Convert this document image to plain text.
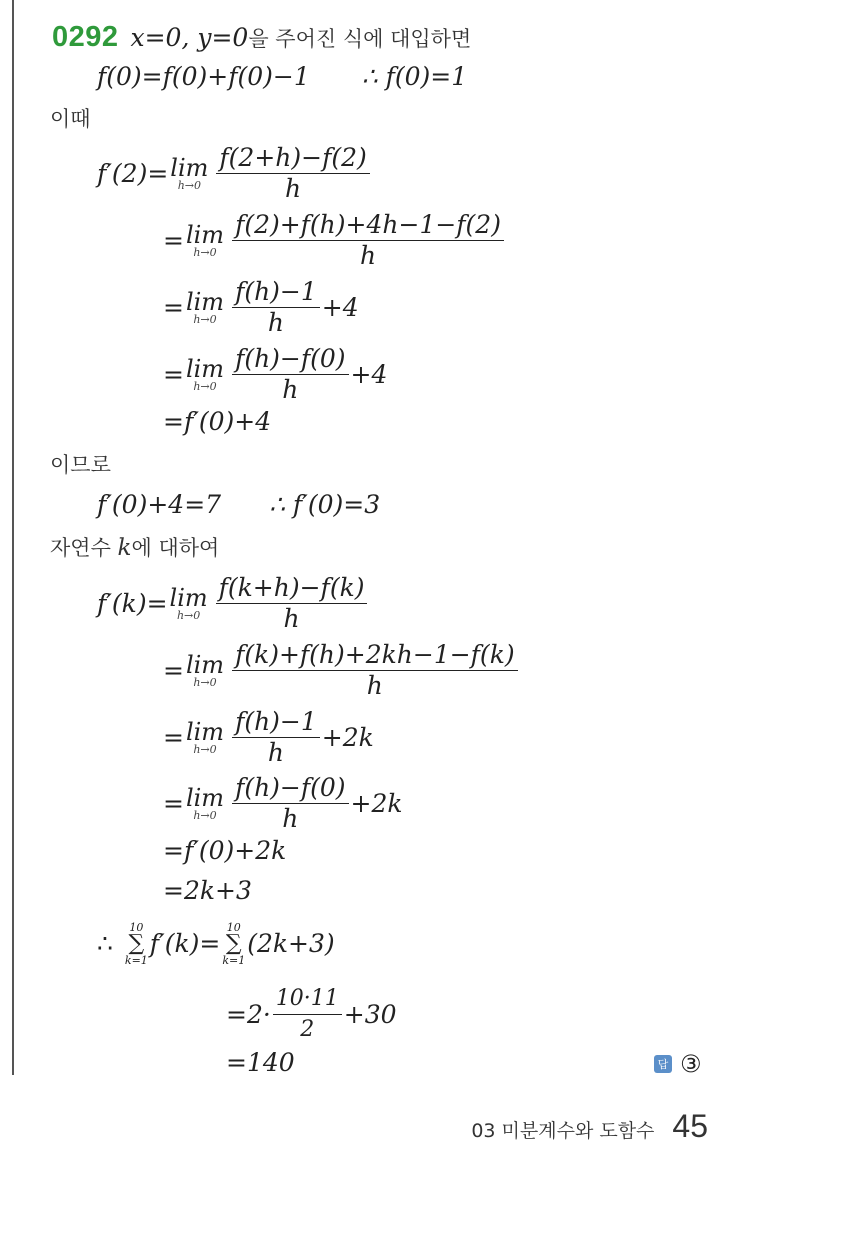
0292 x=0, y=0을 주어진 식에 대입하면
f(0)=f(0)+f(0)−1 ∴ f(0)=1
이때
f′(2)= lim
$h\to 0 \frac{f(2+h)-f(2)}{h}$
= lim
$h\to 0 \frac{f(2)+f(h)+4h-1-f(2)}{h}$
= lim
$h\to 0 \frac{f(h)-1}{h} +4$
= lim
$h\to 0 \frac{f(h)-f(0)}{h} +4$
=f′(0)+4
이므로
f′(0)+4=7 ∴ f′(0)=3
자연수 k에 대하여
f′(k)= lim
$h\to 0 \frac{f(k+h)-f(k)}{h}$
= lim
$h\to 0 \frac{f(k)+f(h)+2kh-1-f(k)}{h}$
= lim
$h\to 0 \frac{f(h)-1}{h} +2k$
= lim
$h\to 0 \frac{f(h)-f(0)}{h} +2k$
=f′(0)+2k
=2k+3
∴
10
∑
k=1
f′(k)=
10
∑
k=1
(2k+3)
$=2\cdot \frac{10\cdot 11}{2} +30$
=140	답 ③
03 미분계수와 도함수 45
